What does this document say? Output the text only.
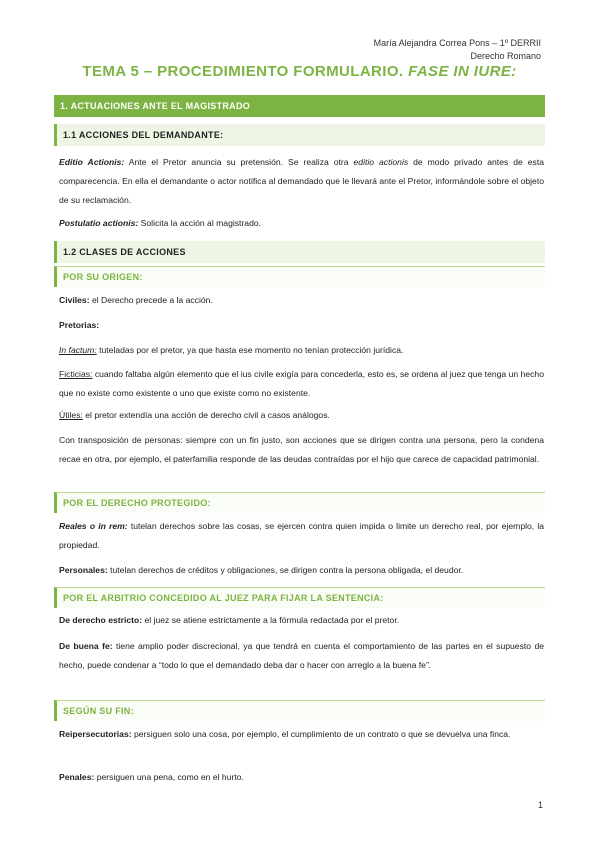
María Alejandra Correa Pons – 1º DERRII
Derecho Romano
TEMA 5 – PROCEDIMIENTO FORMULARIO. FASE IN IURE:
1. ACTUACIONES ANTE EL MAGISTRADO
1.1 ACCIONES DEL DEMANDANTE:
Editio Actionis: Ante el Pretor anuncia su pretensión. Se realiza otra editio actionis de modo privado antes de esta comparecencia. En ella el demandante o actor notifica al demandado que le llevará ante el Pretor, informándole sobre el objeto de su reclamación.
Postulatio actionis: Solicita la acción al magistrado.
1.2 CLASES DE ACCIONES
POR SU ORIGEN:
Civiles: el Derecho precede a la acción.
Pretorias:
In factum: tuteladas por el pretor, ya que hasta ese momento no tenían protección jurídica.
Ficticias: cuando faltaba algún elemento que el ius civile exigía para concederla, esto es, se ordena al juez que tenga un hecho que no existe como existente o uno que existe como no existente.
Útiles: el pretor extendía una acción de derecho civil a casos análogos.
Con transposición de personas: siempre con un fin justo, son acciones que se dirigen contra una persona, pero la condena recae en otra, por ejemplo, el paterfamilia responde de las deudas contraídas por el hijo que carece de capacidad patrimonial.
POR EL DERECHO PROTEGIDO:
Reales o in rem: tutelan derechos sobre las cosas, se ejercen contra quien impida o limite un derecho real, por ejemplo, la propiedad.
Personales: tutelan derechos de créditos y obligaciones, se dirigen contra la persona obligada, el deudor.
POR EL ARBITRIO CONCEDIDO AL JUEZ PARA FIJAR LA SENTENCIA:
De derecho estricto: el juez se atiene estrictamente a la fórmula redactada por el pretor.
De buena fe: tiene amplio poder discrecional, ya que tendrá en cuenta el comportamiento de las partes en el supuesto de hecho, puede condenar a “todo lo que el demandado deba dar o hacer con arreglo a la buena fe”.
SEGÚN SU FIN:
Reipersecutorias: persiguen solo una cosa, por ejemplo, el cumplimiento de un contrato o que se devuelva una finca.
Penales: persiguen una pena, como en el hurto.
1
